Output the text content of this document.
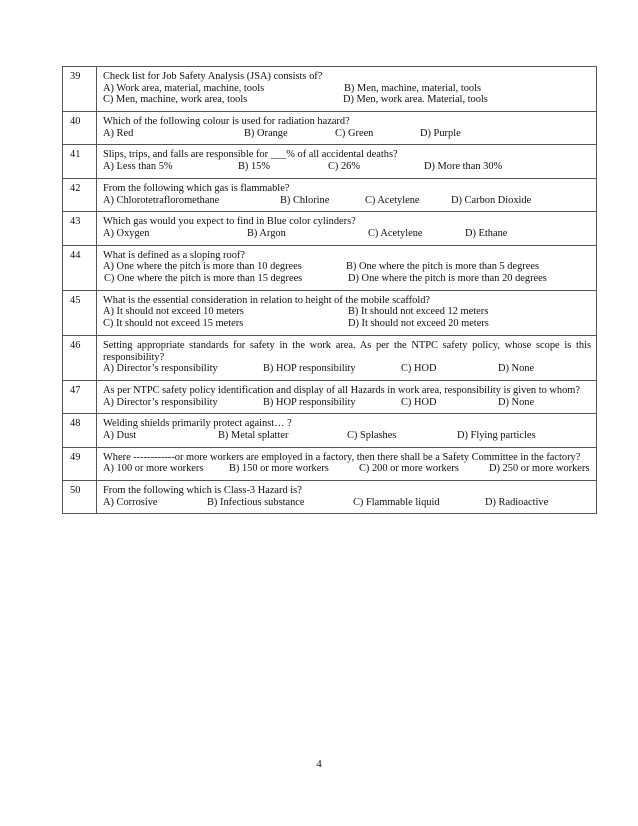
39	Check list for Job Safety Analysis (JSA) consists of?
A) Work area, material, machine, tools B) Men, machine, material, tools
C) Men, machine, work area, tools D) Men, work area. Material, tools

40	Which of the following colour is used for radiation hazard?
A) Red B) Orange C) Green D) Purple

41	Slips, trips, and falls are responsible for ___% of all accidental deaths?
A) Less than 5% B) 15% C) 26% D) More than 30%

42	From the following which gas is flammable?
A) Chlorotetrafloromethane B) Chlorine C) Acetylene D) Carbon Dioxide

43	Which gas would you expect to find in Blue color cylinders?
A) Oxygen B) Argon C) Acetylene D) Ethane

44	What is defined as a sloping roof?
A) One where the pitch is more than 10 degrees B) One where the pitch is more than 5 degrees
C) One where the pitch is more than 15 degrees D) One where the pitch is more than 20 degrees

45	What is the essential consideration in relation to height of the mobile scaffold?
A) It should not exceed 10 meters B) It should not exceed 12 meters
C) It should not exceed 15 meters D) It should not exceed 20 meters

46	Setting appropriate standards for safety in the work area. As per the NTPC safety policy, whose scope is this responsibility?
A) Director’s responsibility B) HOP responsibility C) HOD D) None

47	As per NTPC safety policy identification and display of all Hazards in work area, responsibility is given to whom?
A) Director’s responsibility B) HOP responsibility C) HOD D) None

48	Welding shields primarily protect against… ?
A) Dust B) Metal splatter C) Splashes D) Flying particles

49	Where ------------or more workers are employed in a factory, then there shall be a Safety Committee in the factory?
A) 100 or more workers B) 150 or more workers C) 200 or more workers D) 250 or more workers

50	From the following which is Class-3 Hazard is?
A) Corrosive B) Infectious substance C) Flammable liquid D) Radioactive
4
